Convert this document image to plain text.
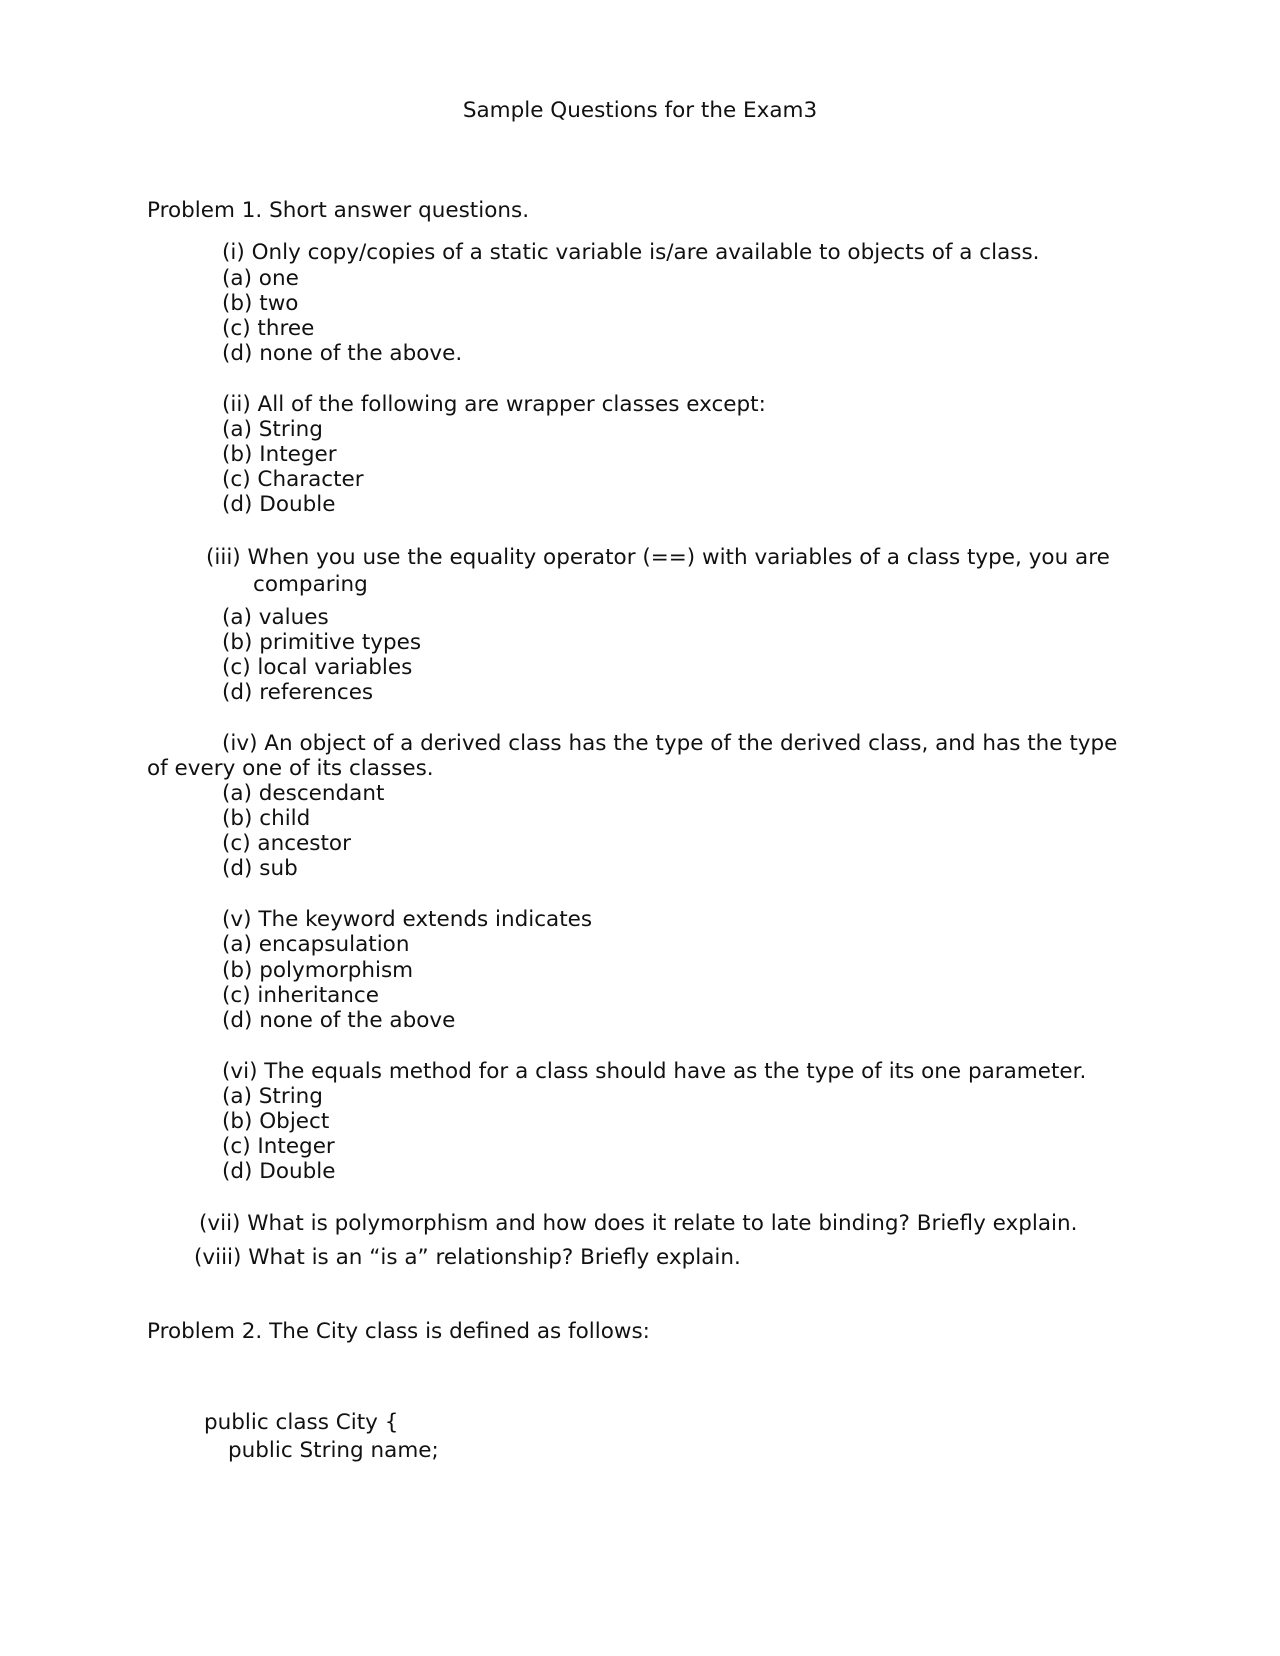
Sample Questions for the Exam3
Problem 1. Short answer questions.
(i) Only copy/copies of a static variable is/are available to objects of a class.
(a) one
(b) two
(c) three
(d) none of the above.
(ii) All of the following are wrapper classes except:
(a) String
(b) Integer
(c) Character
(d) Double
(iii) When you use the equality operator (==) with variables of a class type, you are
comparing
(a) values
(b) primitive types
(c) local variables
(d) references
(iv) An object of a derived class has the type of the derived class, and has the type
of every one of its classes.
(a) descendant
(b) child
(c) ancestor
(d) sub
(v) The keyword extends indicates
(a) encapsulation
(b) polymorphism
(c) inheritance
(d) none of the above
(vi) The equals method for a class should have as the type of its one parameter.
(a) String
(b) Object
(c) Integer
(d) Double
(vii) What is polymorphism and how does it relate to late binding? Briefly explain.
(viii) What is an “is a” relationship? Briefly explain.
Problem 2. The City class is defined as follows:
public class City {
public String name;
